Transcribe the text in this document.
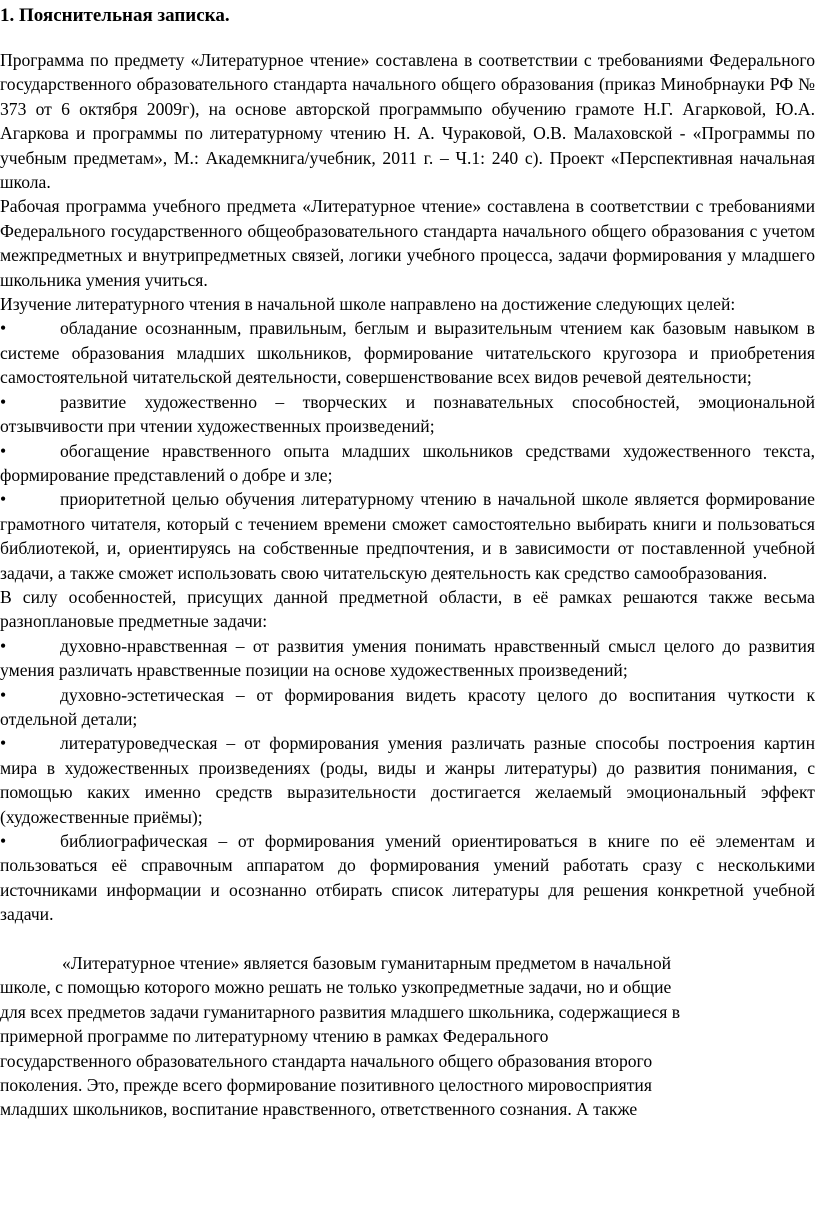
1. Пояснительная записка.

Программа по предмету «Литературное чтение» составлена в соответствии с требованиями Федерального государственного образовательного стандарта начального общего образования (приказ Минобрнауки РФ № 373 от 6 октября 2009г), на основе авторской программыпо обучению грамоте Н.Г. Агарковой, Ю.А. Агаркова и программы по литературному чтению Н. А. Чураковой, О.В. Малаховской - «Программы по учебным предметам», М.: Академкнига/учебник, 2011 г. – Ч.1: 240 с). Проект «Перспективная начальная школа.

Рабочая программа учебного предмета «Литературное чтение» составлена в соответствии с требованиями Федерального государственного общеобразовательного стандарта начального общего образования с учетом межпредметных и внутрипредметных связей, логики учебного процесса, задачи формирования у младшего школьника умения учиться.

Изучение литературного чтения в начальной школе направлено на достижение следующих целей:

•	обладание осознанным, правильным, беглым и выразительным чтением как базовым навыком в системе образования младших школьников, формирование читательского кругозора и приобретения самостоятельной читательской деятельности, совершенствование всех видов речевой деятельности;

•	развитие художественно – творческих и познавательных способностей, эмоциональной отзывчивости при чтении художественных произведений;

•	обогащение нравственного опыта младших школьников средствами художественного текста, формирование представлений о добре и зле;

•	приоритетной целью обучения литературному чтению в начальной школе является формирование грамотного читателя, который с течением времени сможет самостоятельно выбирать книги и пользоваться библиотекой, и, ориентируясь на собственные предпочтения, и в зависимости от поставленной учебной задачи, а также сможет использовать свою читательскую деятельность как средство самообразования.

В силу особенностей, присущих данной предметной области, в её рамках решаются также весьма разноплановые предметные задачи:

•	духовно-нравственная – от развития умения понимать нравственный смысл целого до развития умения различать нравственные позиции на основе художественных произведений;

•	духовно-эстетическая – от формирования видеть красоту целого до воспитания чуткости к отдельной детали;

•	литературоведческая – от формирования умения различать разные способы построения картин мира в художественных произведениях (роды, виды и жанры литературы) до развития понимания, с помощью каких именно средств выразительности достигается желаемый эмоциональный эффект (художественные приёмы);

•	библиографическая – от формирования умений ориентироваться в книге по её элементам и пользоваться её справочным аппаратом до формирования умений работать сразу с несколькими источниками информации и осознанно отбирать список литературы для решения конкретной учебной задачи.

«Литературное чтение» является базовым гуманитарным предметом в начальной
школе, с помощью которого можно решать не только узкопредметные задачи, но и общие
для всех предметов задачи гуманитарного развития младшего школьника, содержащиеся в
примерной программе по литературному чтению в рамках Федерального
государственного образовательного стандарта начального общего образования второго
поколения. Это, прежде всего формирование позитивного целостного мировосприятия
младших школьников, воспитание нравственного, ответственного сознания. А также
